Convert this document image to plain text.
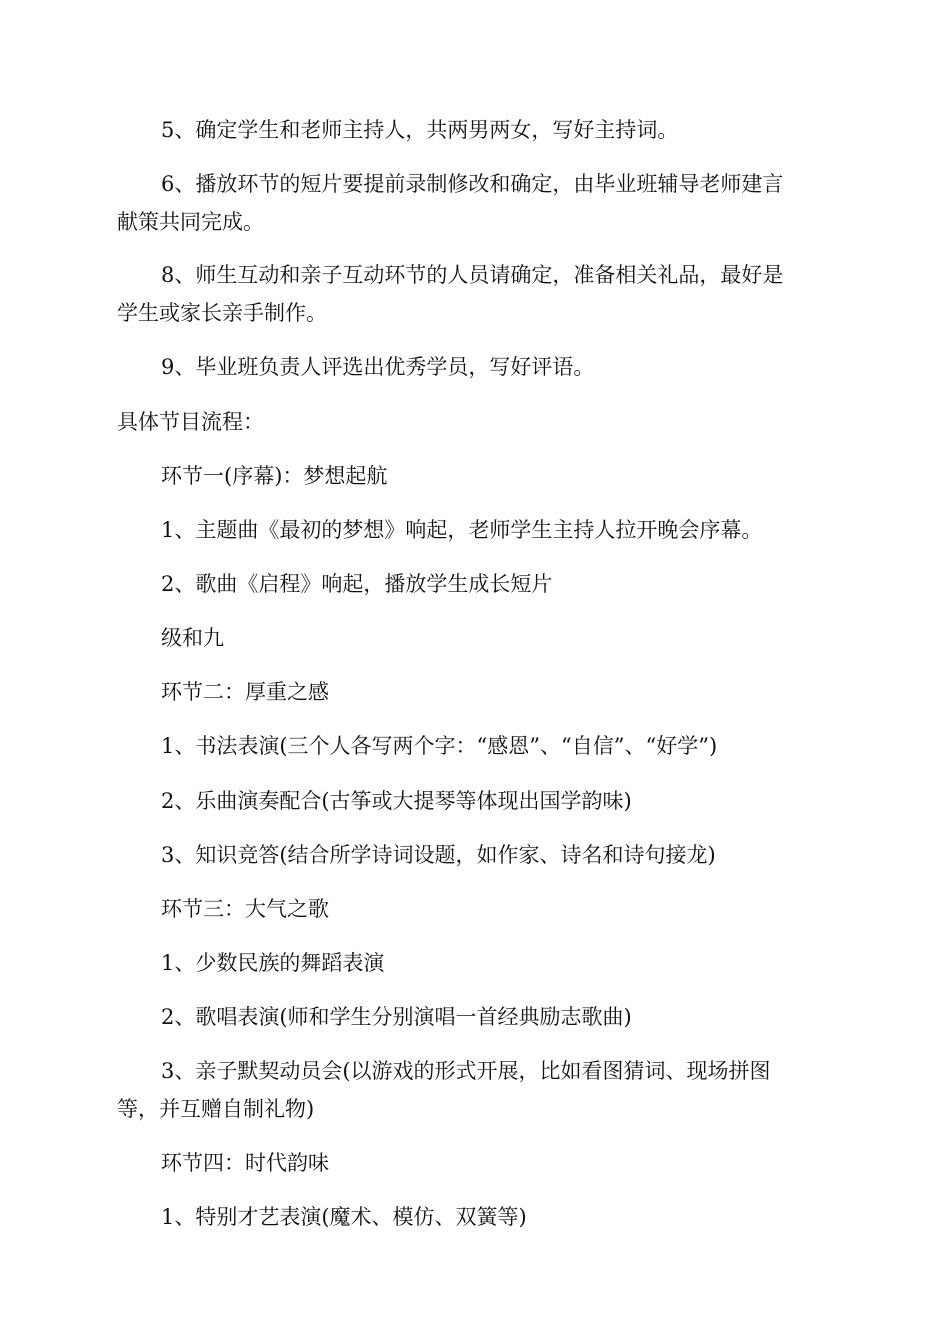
5、确定学生和老师主持人，共两男两女，写好主持词。
6、播放环节的短片要提前录制修改和确定，由毕业班辅导老师建言
献策共同完成。
8、师生互动和亲子互动环节的人员请确定，准备相关礼品，最好是
学生或家长亲手制作。
9、毕业班负责人评选出优秀学员，写好评语。
具体节目流程：
环节一(序幕)：梦想起航
1、主题曲《最初的梦想》响起，老师学生主持人拉开晚会序幕。
2、歌曲《启程》响起，播放学生成长短片
级和九
环节二：厚重之感
1、书法表演(三个人各写两个字：“感恩”、“自信”、“好学”)
2、乐曲演奏配合(古筝或大提琴等体现出国学韵味)
3、知识竞答(结合所学诗词设题，如作家、诗名和诗句接龙)
环节三：大气之歌
1、少数民族的舞蹈表演
2、歌唱表演(师和学生分别演唱一首经典励志歌曲)
3、亲子默契动员会(以游戏的形式开展，比如看图猜词、现场拼图
等，并互赠自制礼物)
环节四：时代韵味
1、特别才艺表演(魔术、模仿、双簧等)
